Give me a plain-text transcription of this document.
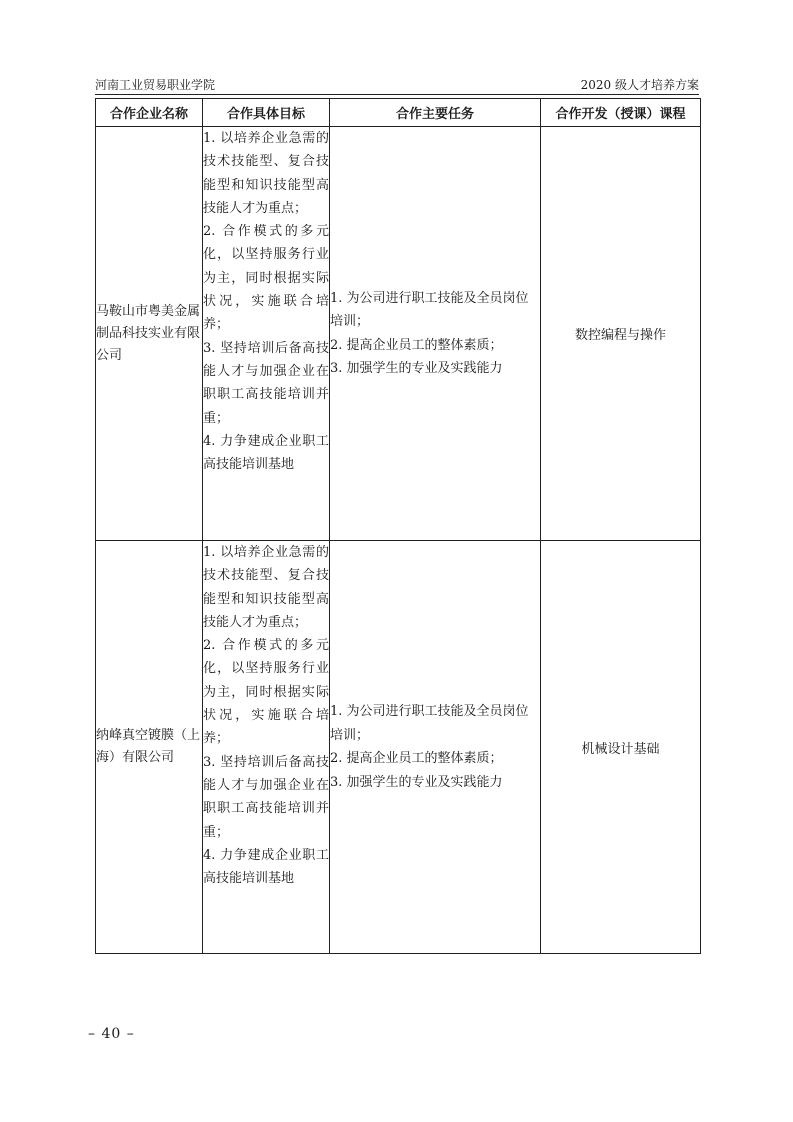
河南工业贸易职业学院	2020 级人才培养方案
合作企业名称	合作具体目标	合作主要任务	合作开发（授课）课程
马鞍山市粤美金属制品科技实业有限公司	1. 以培养企业急需的技术技能型、复合技能型和知识技能型高技能人才为重点；
2. 合作模式的多元化，以坚持服务行业为主，同时根据实际状况，实施联合培养；
3. 坚持培训后备高技能人才与加强企业在职职工高技能培训并重；
4. 力争建成企业职工高技能培训基地	1. 为公司进行职工技能及全员岗位培训；
2. 提高企业员工的整体素质；
3. 加强学生的专业及实践能力	数控编程与操作
纳峰真空镀膜（上海）有限公司	1. 以培养企业急需的技术技能型、复合技能型和知识技能型高技能人才为重点；
2. 合作模式的多元化，以坚持服务行业为主，同时根据实际状况，实施联合培养；
3. 坚持培训后备高技能人才与加强企业在职职工高技能培训并重；
4. 力争建成企业职工高技能培训基地	1. 为公司进行职工技能及全员岗位培训；
2. 提高企业员工的整体素质；
3. 加强学生的专业及实践能力	机械设计基础
– 40 –
